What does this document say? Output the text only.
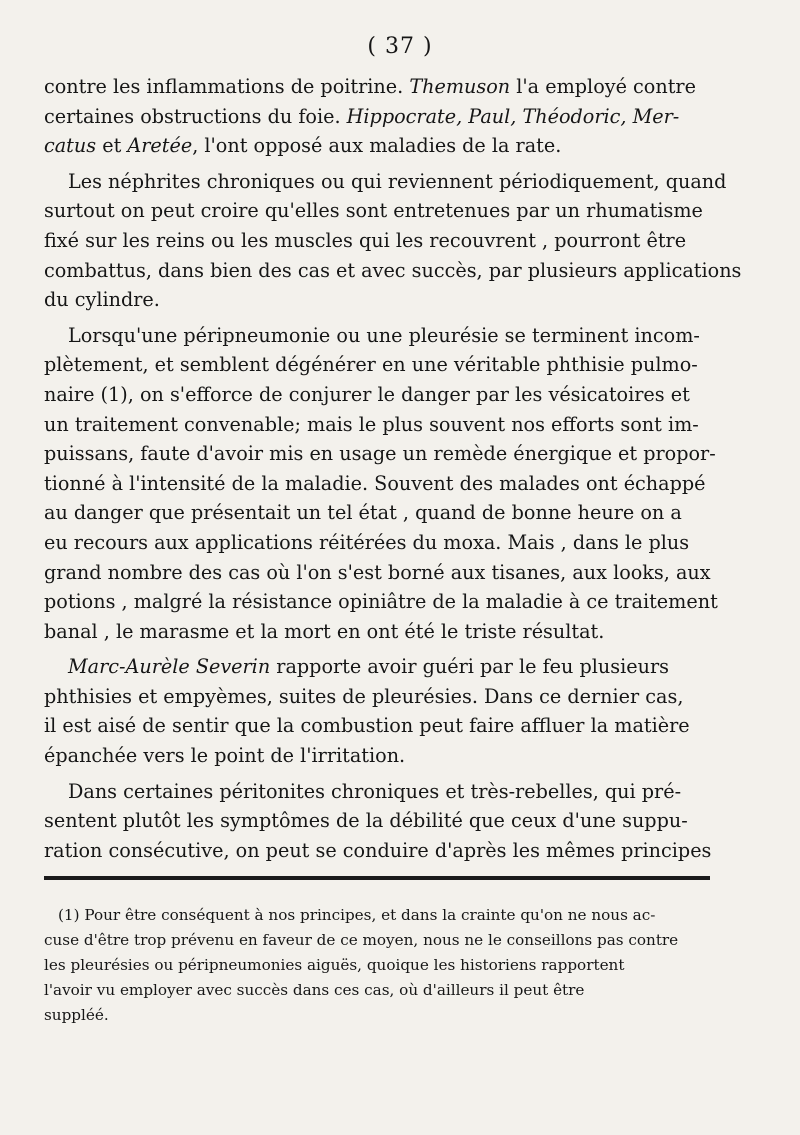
( 37 )
contre les inflammations de poitrine. Themuson l'a employé contre
certaines obstructions du foie. Hippocrate, Paul, Théodoric, Mer-
catus et Aretée, l'ont opposé aux maladies de la rate.
Les néphrites chroniques ou qui reviennent périodiquement, quand
surtout on peut croire qu'elles sont entretenues par un rhumatisme
fixé sur les reins ou les muscles qui les recouvrent , pourront être
combattus, dans bien des cas et avec succès, par plusieurs applications
du cylindre.
Lorsqu'une péripneumonie ou une pleurésie se terminent incom-
plètement, et semblent dégénérer en une véritable phthisie pulmo-
naire (1), on s'efforce de conjurer le danger par les vésicatoires et
un traitement convenable; mais le plus souvent nos efforts sont im-
puissans, faute d'avoir mis en usage un remède énergique et propor-
tionné à l'intensité de la maladie. Souvent des malades ont échappé
au danger que présentait un tel état , quand de bonne heure on a
eu recours aux applications réitérées du moxa. Mais , dans le plus
grand nombre des cas où l'on s'est borné aux tisanes, aux looks, aux
potions , malgré la résistance opiniâtre de la maladie à ce traitement
banal , le marasme et la mort en ont été le triste résultat.
Marc-Aurèle Severin rapporte avoir guéri par le feu plusieurs
phthisies et empyèmes, suites de pleurésies. Dans ce dernier cas,
il est aisé de sentir que la combustion peut faire affluer la matière
épanchée vers le point de l'irritation.
Dans certaines péritonites chroniques et très-rebelles, qui pré-
sentent plutôt les symptômes de la débilité que ceux d'une suppu-
ration consécutive, on peut se conduire d'après les mêmes principes
(1) Pour être conséquent à nos principes, et dans la crainte qu'on ne nous ac-
cuse d'être trop prévenu en faveur de ce moyen, nous ne le conseillons pas contre
les pleurésies ou péripneumonies aiguës, quoique les historiens rapportent
l'avoir vu employer avec succès dans ces cas, où d'ailleurs il peut être
suppléé.
